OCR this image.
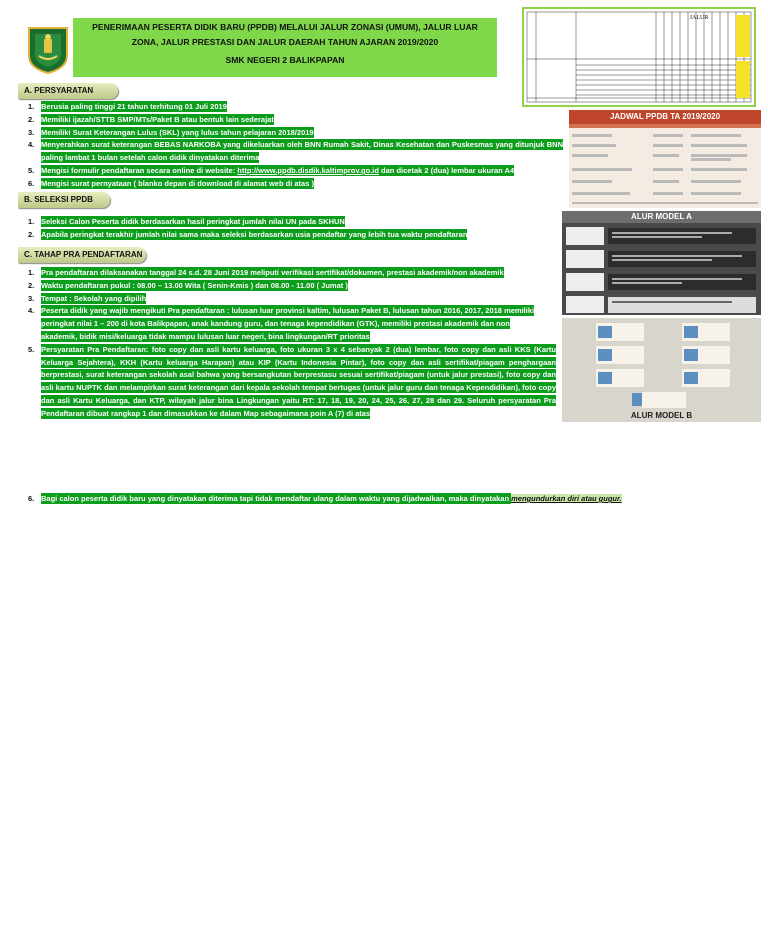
PENERIMAAN PESERTA DIDIK BARU (PPDB) MELALUI JALUR ZONASI (UMUM), JALUR LUAR
ZONA, JALUR PRESTASI DAN JALUR DAERAH TAHUN AJARAN 2019/2020
SMK NEGERI 2 BALIKPAPAN
A. PERSYARATAN
1. Berusia paling tinggi 21 tahun terhitung 01 Juli 2019
2. Memiliki ijazah/STTB SMP/MTs/Paket B atau bentuk lain sederajat
3. Memiliki Surat Keterangan Lulus (SKL) yang lulus tahun pelajaran 2018/2019
4. Menyerahkan surat keterangan BEBAS NARKOBA yang dikeluarkan oleh BNN Rumah Sakit, Dinas Kesehatan dan Puskesmas yang ditunjuk BNN paling lambat 1 bulan setelah calon didik dinyatakan diterima
5. Mengisi formulir pendaftaran secara online di website: http://www.ppdb.disdik.kaltimprov.go.id dan dicetak 2 (dua) lembar ukuran A4
6. Mengisi surat pernyataan ( blanko depan di download di alamat web di atas )
B. SELEKSI PPDB
1. Seleksi Calon Peserta didik berdasarkan hasil peringkat jumlah nilai UN pada SKHUN
2. Apabila peringkat terakhir jumlah nilai sama maka seleksi berdasarkan usia pendaftar yang lebih tua waktu pendaftaran
C. TAHAP PRA PENDAFTARAN
1. Pra pendaftaran dilaksanakan tanggal 24 s.d. 28 Juni 2019 meliputi verifikasi sertifikat/dokumen, prestasi akademik/non akademik
2. Waktu pendaftaran pukul : 08.00 – 13.00 Wita ( Senin-Kmis ) dan 08.00 - 11.00 ( Jumat )
3. Tempat : Sekolah yang dipilih
4. Peserta didik yang wajib mengikuti Pra pendaftaran : lulusan luar provinsi kaltim, lulusan Paket B, lulusan tahun 2016, 2017, 2018 memiliki peringkat nilai 1 – 200 di kota Balikpapan, anak kandung guru, dan tenaga kependidikan (GTK), memiliki prestasi akademik dan non akademik, bidik misi/keluarga tidak mampu lulusan luar negeri, bina lingkungan/RT prioritas
5. Persyaratan Pra Pendaftaran: foto copy dan asli kartu keluarga, foto ukuran 3 x 4 sebanyak 2 (dua) lembar, foto copy dan asli KKS (Kartu Keluarga Sejahtera), KKH (Kartu keluarga Harapan) atau KIP (Kartu Indonesia Pintar), foto copy dan asli sertifikat/piagam penghargaan berprestasi, surat keterangan sekolah asal bahwa yang bersangkutan berprestasu sesuai sertifikat/piagam (untuk jalur prestasi), foto copy dan asli kartu NUPTK dan melampirkan surat keterangan dari kepala sekolah tempat bertugas (untuk jalur guru dan tenaga Kependidikan), foto copy dan asli Kartu Keluarga, dan KTP, wilayah jalur bina Lingkungan yaitu RT: 17, 18, 19, 20, 24, 25, 26, 27, 28 dan 29. Seluruh persyaratan Pra Pendaftaran dibuat rangkap 1 dan dimasukkan ke dalam Map sebagaimana poin A (7) di atas
6. Bagi calon peserta didik baru yang dinyatakan diterima tapi tidak mendaftar ulang dalam waktu yang dijadwalkan, maka dinyatakan mengundurkan diri atau gugur.
JALUR
JADWAL PPDB TA 2019/2020
ALUR MODEL A
ALUR MODEL B
